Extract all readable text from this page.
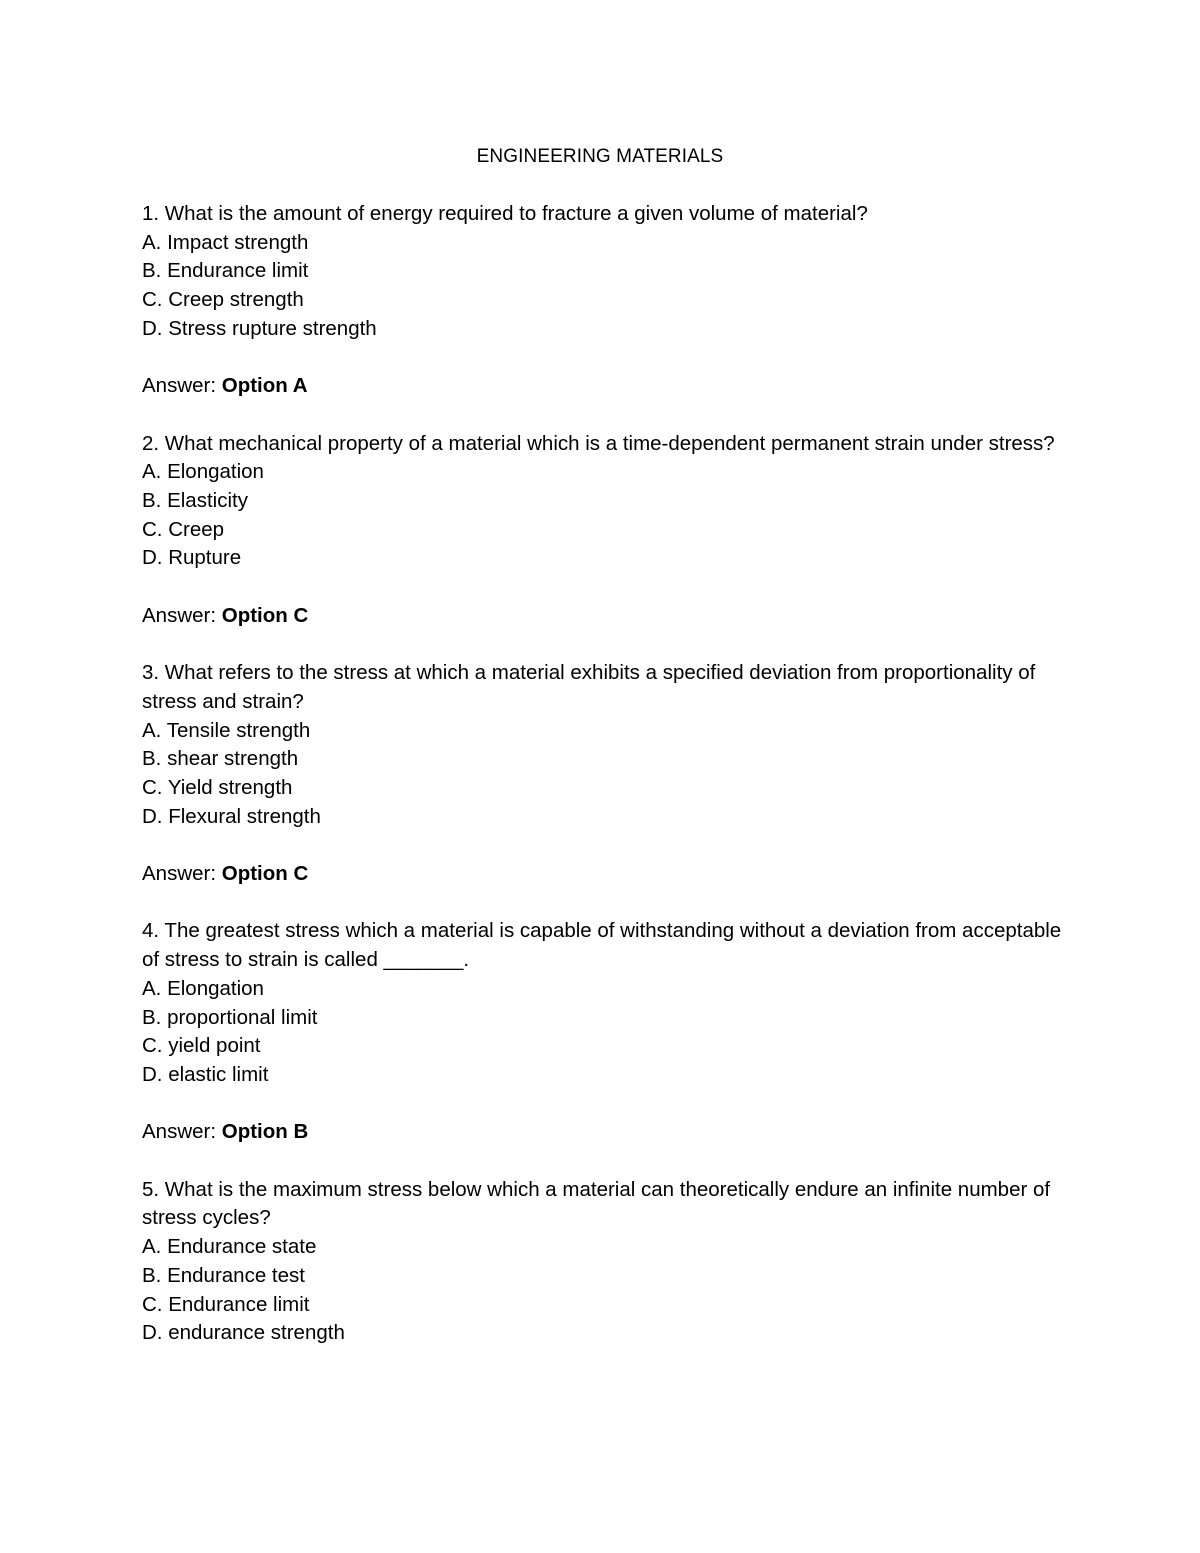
ENGINEERING MATERIALS
1. What is the amount of energy required to fracture a given volume of material?
A. Impact strength
B. Endurance limit
C. Creep strength
D. Stress rupture strength
Answer: Option A
2. What mechanical property of a material which is a time-dependent permanent strain under stress?
A. Elongation
B. Elasticity
C. Creep
D. Rupture
Answer: Option C
3. What refers to the stress at which a material exhibits a specified deviation from proportionality of stress and strain?
A. Tensile strength
B. shear strength
C. Yield strength
D. Flexural strength
Answer: Option C
4. The greatest stress which a material is capable of withstanding without a deviation from acceptable of stress to strain is called _______.
A. Elongation
B. proportional limit
C. yield point
D. elastic limit
Answer: Option B
5. What is the maximum stress below which a material can theoretically endure an infinite number of stress cycles?
A. Endurance state
B. Endurance test
C. Endurance limit
D. endurance strength
